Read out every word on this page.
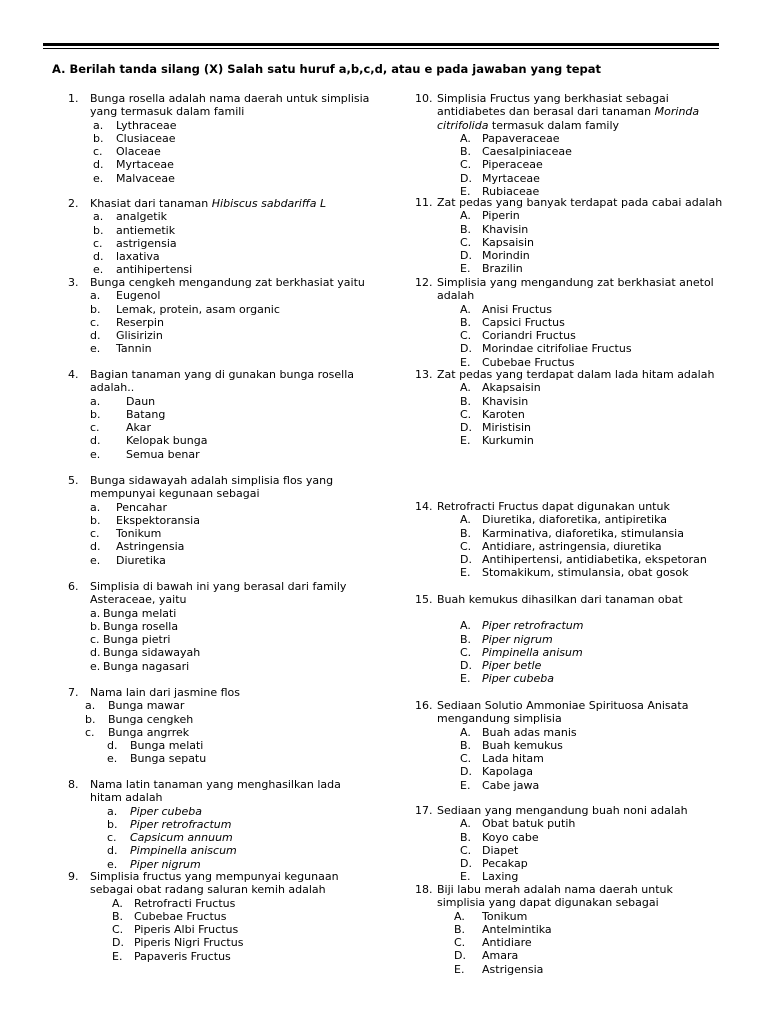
A. Berilah tanda silang (X) Salah satu huruf a,b,c,d, atau e pada jawaban yang tepat
1. Bunga rosella adalah nama daerah untuk simplisia
yang termasuk dalam famili
a. Lythraceae
b. Clusiaceae
c. Olaceae
d. Myrtaceae
e. Malvaceae
2. Khasiat dari tanaman Hibiscus sabdariffa L
a. analgetik
b. antiemetik
c. astrigensia
d. laxativa
e. antihipertensi
3. Bunga cengkeh mengandung zat berkhasiat yaitu
a. Eugenol
b. Lemak, protein, asam organic
c. Reserpin
d. Glisirizin
e. Tannin
4. Bagian tanaman yang di gunakan bunga rosella
adalah..
a. Daun
b. Batang
c. Akar
d. Kelopak bunga
e. Semua benar
5. Bunga sidawayah adalah simplisia flos yang
mempunyai kegunaan sebagai
a. Pencahar
b. Ekspektoransia
c. Tonikum
d. Astringensia
e. Diuretika
6. Simplisia di bawah ini yang berasal dari family
Asteraceae, yaitu
a. Bunga melati
b. Bunga rosella
c. Bunga pietri
d. Bunga sidawayah
e. Bunga nagasari
7. Nama lain dari jasmine flos
a. Bunga mawar
b. Bunga cengkeh
c. Bunga angrrek
d. Bunga melati
e. Bunga sepatu
8. Nama latin tanaman yang menghasilkan lada
hitam adalah
a. Piper cubeba
b. Piper retrofractum
c. Capsicum annuum
d. Pimpinella aniscum
e. Piper nigrum
9. Simplisia fructus yang mempunyai kegunaan
sebagai obat radang saluran kemih adalah
A. Retrofracti Fructus
B. Cubebae Fructus
C. Piperis Albi Fructus
D. Piperis Nigri Fructus
E. Papaveris Fructus
10. Simplisia Fructus yang berkhasiat sebagai
antidiabetes dan berasal dari tanaman Morinda
citrifolida termasuk dalam family
A. Papaveraceae
B. Caesalpiniaceae
C. Piperaceae
D. Myrtaceae
E. Rubiaceae
11. Zat pedas yang banyak terdapat pada cabai adalah
A. Piperin
B. Khavisin
C. Kapsaisin
D. Morindin
E. Brazilin
12. Simplisia yang mengandung zat berkhasiat anetol
adalah
A. Anisi Fructus
B. Capsici Fructus
C. Coriandri Fructus
D. Morindae citrifoliae Fructus
E. Cubebae Fructus
13. Zat pedas yang terdapat dalam lada hitam adalah
A. Akapsaisin
B. Khavisin
C. Karoten
D. Miristisin
E. Kurkumin
14. Retrofracti Fructus dapat digunakan untuk
A. Diuretika, diaforetika, antipiretika
B. Karminativa, diaforetika, stimulansia
C. Antidiare, astringensia, diuretika
D. Antihipertensi, antidiabetika, ekspetoran
E. Stomakikum, stimulansia, obat gosok
15. Buah kemukus dihasilkan dari tanaman obat
A. Piper retrofractum
B. Piper nigrum
C. Pimpinella anisum
D. Piper betle
E. Piper cubeba
16. Sediaan Solutio Ammoniae Spirituosa Anisata
mengandung simplisia
A. Buah adas manis
B. Buah kemukus
C. Lada hitam
D. Kapolaga
E. Cabe jawa
17. Sediaan yang mengandung buah noni adalah
A. Obat batuk putih
B. Koyo cabe
C. Diapet
D. Pecakap
E. Laxing
18. Biji labu merah adalah nama daerah untuk
simplisia yang dapat digunakan sebagai
A. Tonikum
B. Antelmintika
C. Antidiare
D. Amara
E. Astrigensia
